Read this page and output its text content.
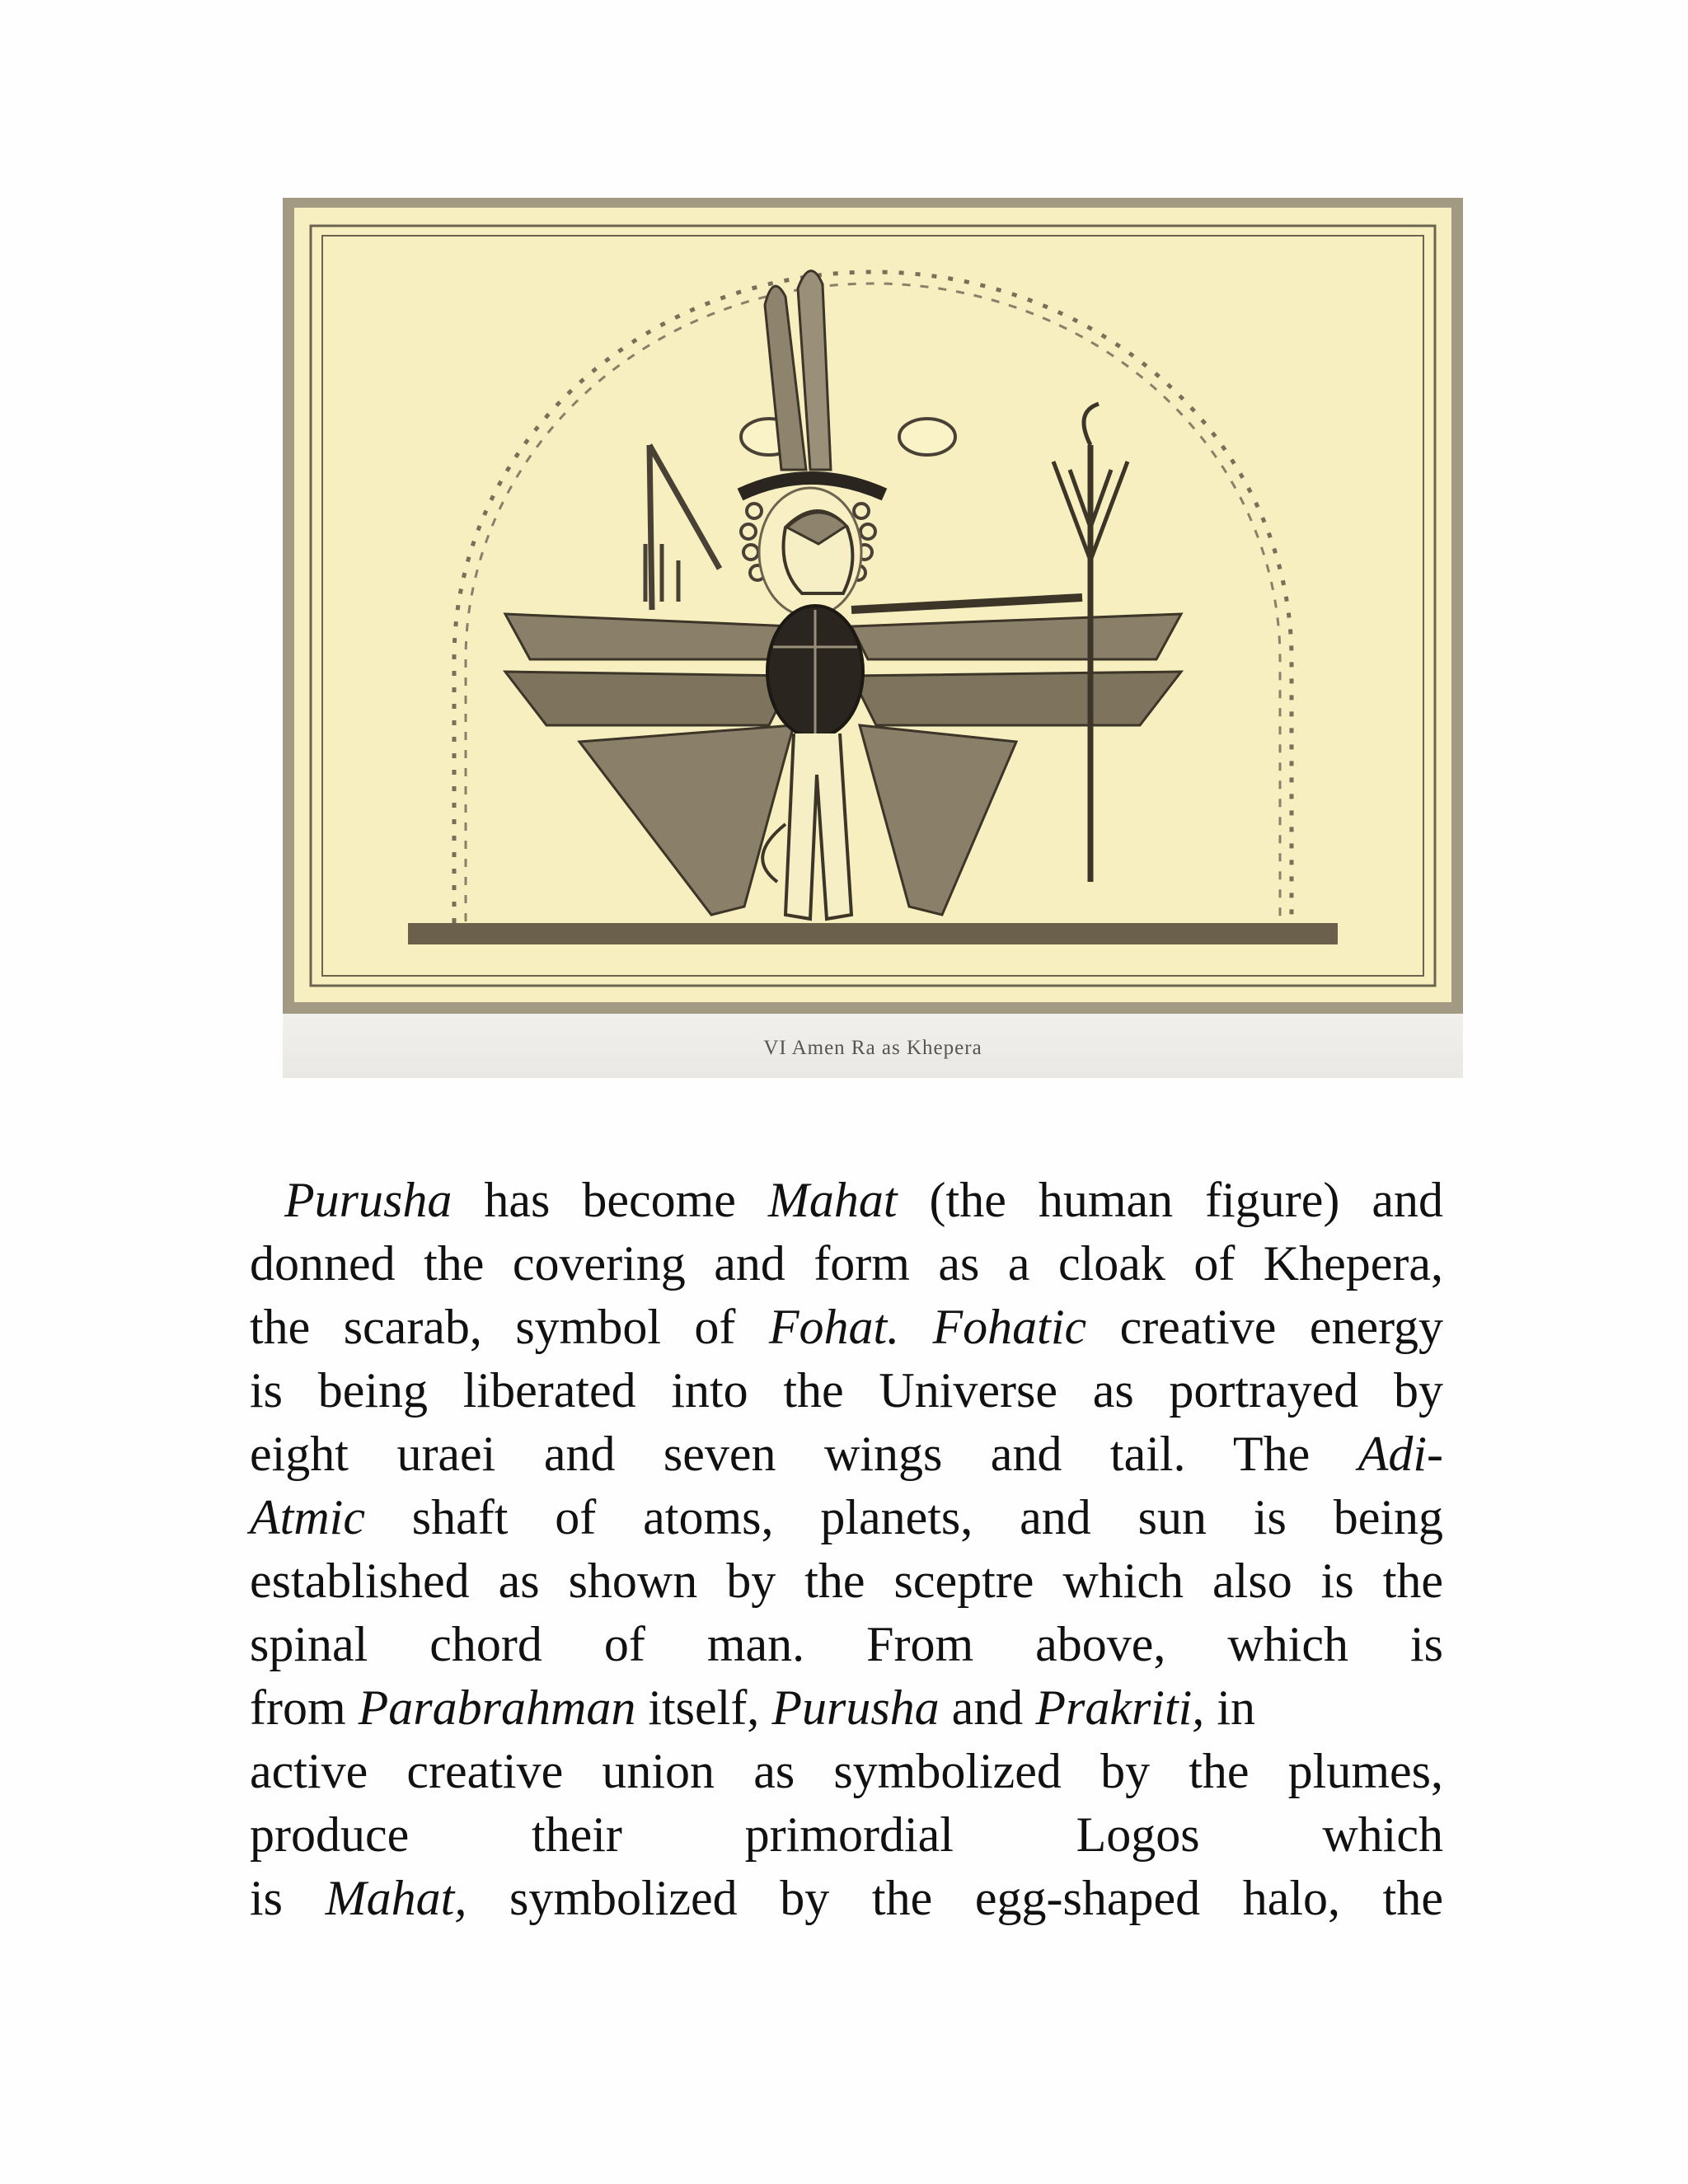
VI Amen Ra as Khepera
Purusha has become Mahat (the human figure) and
donned the covering and form as a cloak of Khepera,
the scarab, symbol of Fohat. Fohatic creative energy
is being liberated into the Universe as portrayed by
eight uraei and seven wings and tail. The Adi-
Atmic shaft of atoms, planets, and sun is being
established as shown by the sceptre which also is the
spinal chord of man. From above, which is
from Parabrahman itself, Purusha and Prakriti, in
active creative union as symbolized by the plumes,
produce their primordial Logos which
is Mahat, symbolized by the egg-shaped halo, the
